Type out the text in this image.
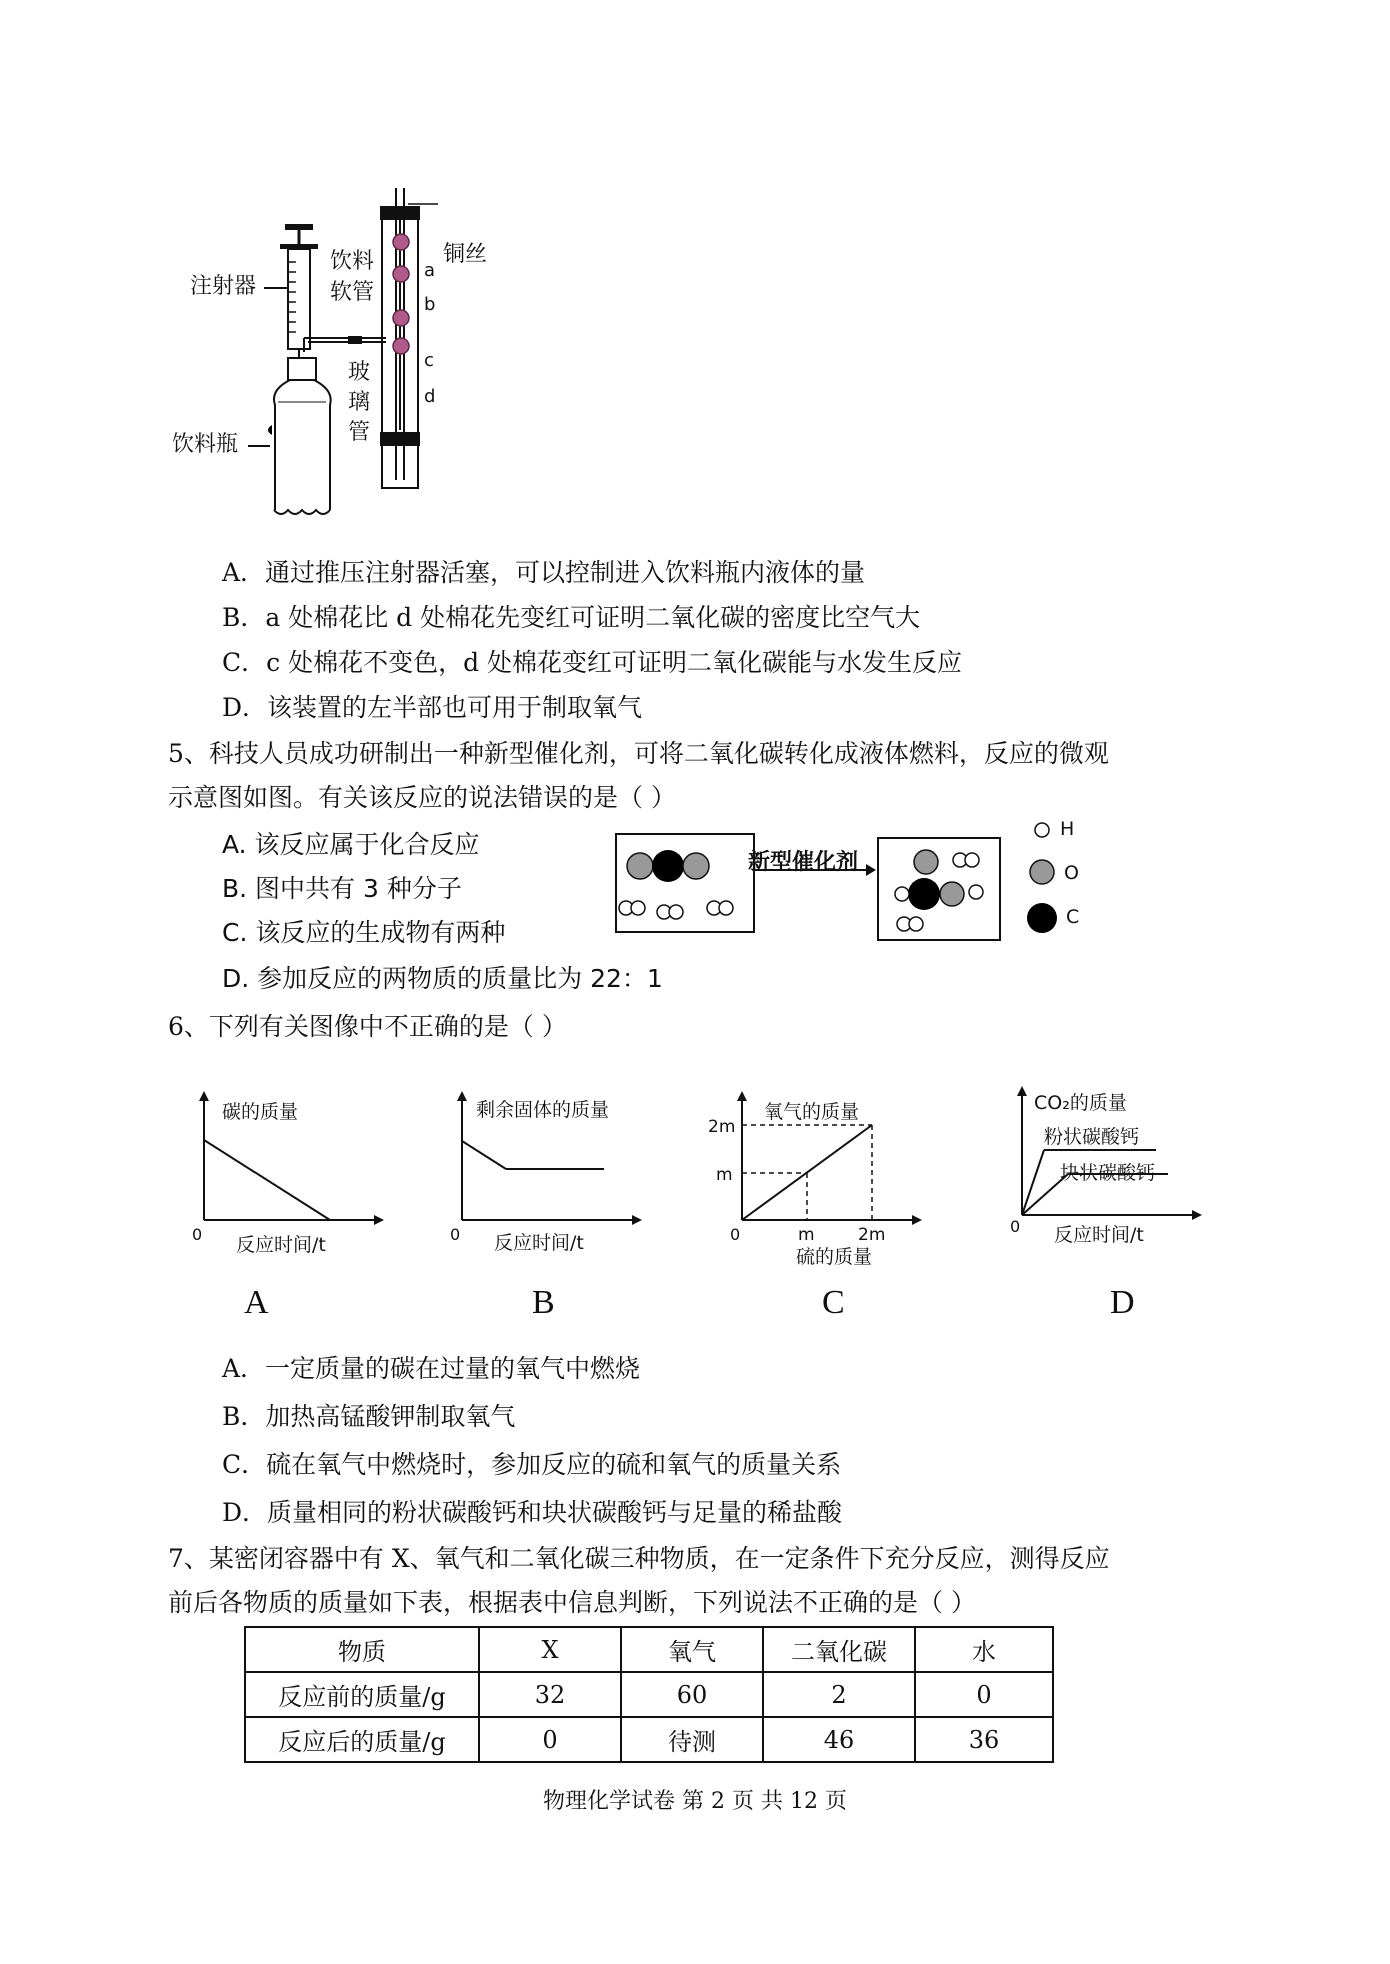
注射器
饮料
软管
铜丝
a
b
c
d
玻
璃
管
饮料瓶
A．通过推压注射器活塞，可以控制进入饮料瓶内液体的量
B．a 处棉花比 d 处棉花先变红可证明二氧化碳的密度比空气大
C．c 处棉花不变色，d 处棉花变红可证明二氧化碳能与水发生反应
D．该装置的左半部也可用于制取氧气
5、科技人员成功研制出一种新型催化剂，可将二氧化碳转化成液体燃料，反应的微观
示意图如图。有关该反应的说法错误的是（ ）
A. 该反应属于化合反应
B. 图中共有 3 种分子
C. 该反应的生成物有两种
D. 参加反应的两物质的质量比为 22：1
新型催化剂
H
O
C
6、下列有关图像中不正确的是（ ）
碳的质量
反应时间/t
0
剩余固体的质量
反应时间/t
0
氧气的质量
2m
m
0	m	2m
硫的质量
CO₂的质量
粉状碳酸钙
块状碳酸钙
0 反应时间/t
A	B	C	D
A．一定质量的碳在过量的氧气中燃烧
B．加热高锰酸钾制取氧气
C．硫在氧气中燃烧时，参加反应的硫和氧气的质量关系
D．质量相同的粉状碳酸钙和块状碳酸钙与足量的稀盐酸
7、某密闭容器中有 X、氧气和二氧化碳三种物质，在一定条件下充分反应，测得反应
前后各物质的质量如下表，根据表中信息判断，下列说法不正确的是（ ）
物质	X	氧气	二氧化碳	水
反应前的质量/g	32	60	2	0
反应后的质量/g	0	待测	46	36
物理化学试卷 第 2 页 共 12 页
